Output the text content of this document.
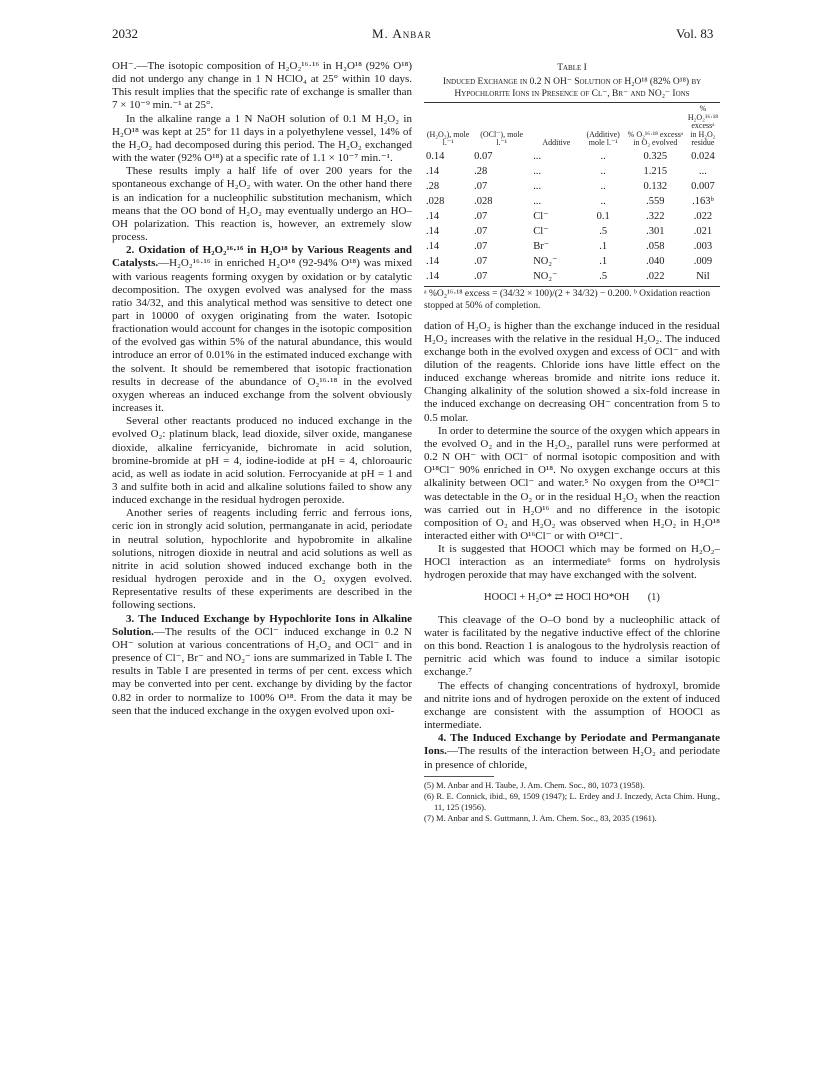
2032	M. Anbar	Vol. 83

OH⁻.—The isotopic composition of H₂O₂¹⁶·¹⁶ in H₂O¹⁸ (92% O¹⁸) did not undergo any change in 1 N HClO₄ at 25° within 10 days. This result implies that the specific rate of exchange is smaller than 7 × 10⁻⁹ min.⁻¹ at 25°.

In the alkaline range a 1 N NaOH solution of 0.1 M H₂O₂ in H₂O¹⁸ was kept at 25° for 11 days in a polyethylene vessel, 14% of the H₂O₂ had decomposed during this period. The H₂O₂ exchanged with the water (92% O¹⁸) at a specific rate of 1.1 × 10⁻⁷ min.⁻¹.

These results imply a half life of over 200 years for the spontaneous exchange of H₂O₂ with water. On the other hand there is an indication for a nucleophilic substitution mechanism, which means that the OO bond of H₂O₂ may eventually undergo an HO–OH polarization. This reaction is, however, an extremely slow process.

2. Oxidation of H₂O₂¹⁶·¹⁶ in H₂O¹⁸ by Various Reagents and Catalysts.—H₂O₂¹⁶·¹⁶ in enriched H₂O¹⁸ (92-94% O¹⁸) was mixed with various reagents forming oxygen by oxidation or by catalytic decomposition. The oxygen evolved was analysed for the mass ratio 34/32, and this analytical method was sensitive to detect one part in 10000 of oxygen originating from the water. Isotopic fractionation would account for changes in the isotopic composition of the evolved gas within 5% of the natural abundance, this would introduce an error of 0.01% in the estimated induced exchange with the solvent. It should be remembered that isotopic fractionation results in decrease of the abundance of O₂¹⁶·¹⁸ in the evolved oxygen whereas an induced exchange from the solvent obviously increases it.

Several other reactants produced no induced exchange in the evolved O₂: platinum black, lead dioxide, silver oxide, manganese dioxide, alkaline ferricyanide, bichromate in acid solution, bromine-bromide at pH = 4, iodine-iodide at pH = 4, chloroauric acid, as well as iodate in acid solution. Ferrocyanide at pH = 1 and 3 and sulfite both in acid and alkaline solutions failed to show any induced exchange in the residual hydrogen peroxide.

Another series of reagents including ferric and ferrous ions, ceric ion in strongly acid solution, permanganate in acid, periodate in neutral solution, hypochlorite and hypobromite in alkaline solutions, nitrogen dioxide in neutral and acid solutions as well as nitrite in acid solution showed induced exchange both in the residual hydrogen peroxide and in the O₂ oxygen evolved. Representative results of these experiments are described in the following sections.

3. The Induced Exchange by Hypochlorite Ions in Alkaline Solution.—The results of the OCl⁻ induced exchange in 0.2 N OH⁻ solution at various concentrations of H₂O₂ and OCl⁻ and in presence of Cl⁻, Br⁻ and NO₂⁻ ions are summarized in Table I. The results in Table I are presented in terms of per cent. excess which may be converted into per cent. exchange by dividing by the factor 0.82 in order to normalize to 100% O¹⁸. From the data it may be seen that the induced exchange in the oxygen evolved upon oxi-

Table I
Induced Exchange in 0.2 N OH⁻ Solution of H₂O¹⁸ (82% O¹⁸) by Hypochlorite Ions in Presence of Cl⁻, Br⁻ and NO₂⁻ Ions
(H₂O₂), mole l.⁻¹	(OCl⁻), mole l.⁻¹	Additive	(Additive) mole l.⁻¹	% O₂¹⁶·¹⁸ excessᵃ in O₂ evolved	% H₂O₂¹⁶·¹⁸ excessᵃ in H₂O₂ residue
0.14	0.07	...	..	0.325	0.024
.14	.28	...	..	1.215	...
.28	.07	...	..	0.132	0.007
.028	.028	...	..	.559	.163ᵇ
.14	.07	Cl⁻	0.1	.322	.022
.14	.07	Cl⁻	.5	.301	.021
.14	.07	Br⁻	.1	.058	.003
.14	.07	NO₂⁻	.1	.040	.009
.14	.07	NO₂⁻	.5	.022	Nil
ᵃ %O₂¹⁶·¹⁸ excess = (34/32 × 100)/(2 + 34/32) − 0.200. ᵇ Oxidation reaction stopped at 50% of completion.

dation of H₂O₂ is higher than the exchange induced in the residual H₂O₂ increases with the relative in the residual H₂O₂. The induced exchange both in the evolved oxygen and excess of OCl⁻ and with dilution of the reagents. Chloride ions have little effect on the induced exchange whereas bromide and nitrite ions reduce it. Changing alkalinity of the solution showed a six-fold increase in the induced exchange on decreasing OH⁻ concentration from 5 to 0.5 molar.

In order to determine the source of the oxygen which appears in the evolved O₂ and in the H₂O₂, parallel runs were performed at 0.2 N OH⁻ with OCl⁻ of normal isotopic composition and with O¹⁸Cl⁻ 90% enriched in O¹⁸. No oxygen exchange occurs at this alkalinity between OCl⁻ and water.⁵ No oxygen from the O¹⁸Cl⁻ was detectable in the O₂ or in the residual H₂O₂ when the reaction was carried out in H₂O¹⁶ and no difference in the isotopic composition of O₂ and H₂O₂ was observed when H₂O₂ in H₂O¹⁸ interacted either with O¹⁶Cl⁻ or with O¹⁸Cl⁻.

It is suggested that HOOCl which may be formed on H₂O₂–HOCl interaction as an intermediate⁶ forms on hydrolysis hydrogen peroxide that may have exchanged with the solvent.

HOOCl + H₂O* ⇄ HOCl HO*OH (1)

This cleavage of the O–O bond by a nucleophilic attack of water is facilitated by the negative inductive effect of the chlorine on this bond. Reaction 1 is analogous to the hydrolysis reaction of pernitric acid which was found to induce a similar isotopic exchange.⁷

The effects of changing concentrations of hydroxyl, bromide and nitrite ions and of hydrogen peroxide on the extent of induced exchange are consistent with the assumption of HOOCl as intermediate.

4. The Induced Exchange by Periodate and Permanganate Ions.—The results of the interaction between H₂O₂ and periodate in presence of chloride,

(5) M. Anbar and H. Taube, J. Am. Chem. Soc., 80, 1073 (1958).
(6) R. E. Connick, ibid., 69, 1509 (1947); L. Erdey and J. Inczedy, Acta Chim. Hung., 11, 125 (1956).
(7) M. Anbar and S. Guttmann, J. Am. Chem. Soc., 83, 2035 (1961).
